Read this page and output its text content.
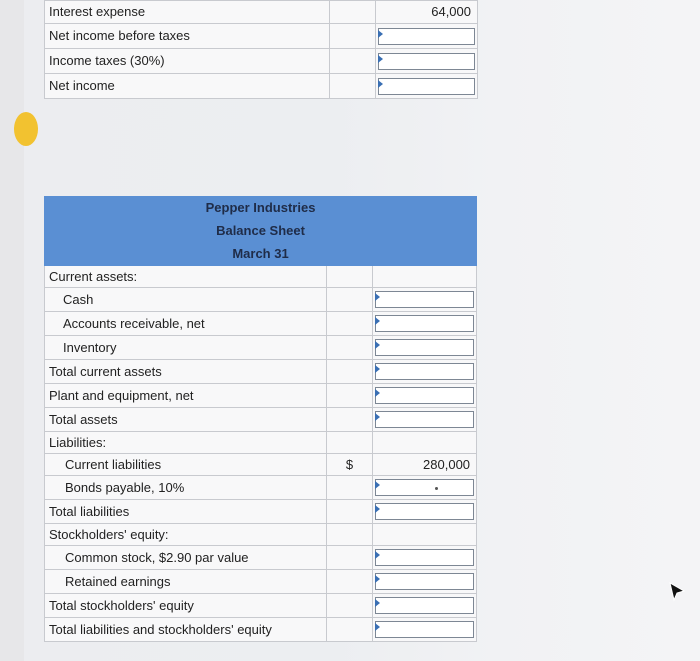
Interest expense		64,000
Net income before taxes		

Income taxes (30%)		

Net income		
Pepper Industries		
Balance Sheet		
March 31		
Current assets:		
Cash		

Accounts receivable, net		

Inventory		

Total current assets		

Plant and equipment, net		

Total assets		

Liabilities:		
Current liabilities	$	280,000
Bonds payable, 10%		

Total liabilities		

Stockholders' equity:		
Common stock, $2.90 par value		

Retained earnings		

Total stockholders' equity		

Total liabilities and stockholders' equity		
